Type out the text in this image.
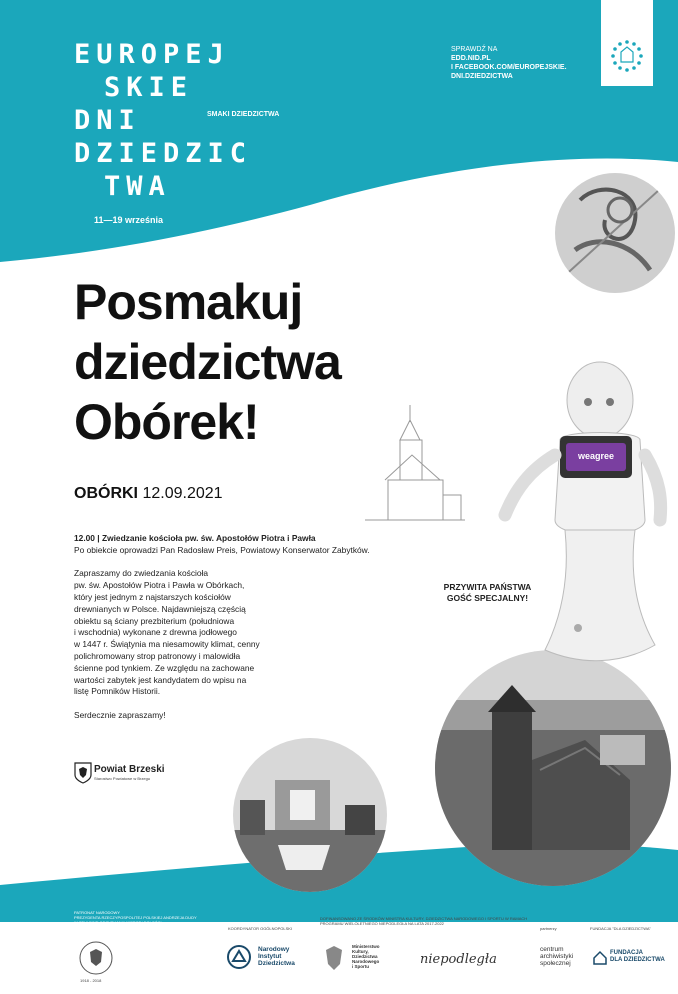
EUROPEJ
SKIE
DNI
DZIEDZIC
TWA
SMAKI DZIEDZICTWA
11—19 września
SPRAWDŹ NA
EDD.NID.PL
I FACEBOOK.COM/EUROPEJSKIE.
DNI.DZIEDZICTWA
Posmakuj
dziedzictwa
Obórek!
OBÓRKI 12.09.2021

12.00 | Zwiedzanie kościoła pw. św. Apostołów Piotra i Pawła

Po obiekcie oprowadzi Pan Radosław Preis, Powiatowy Konserwator Zabytków.

Zapraszamy do zwiedzania kościoła

pw. św. Apostołów Piotra i Pawła w Obórkach,

który jest jednym z najstarszych kościołów

drewnianych w Polsce. Najdawniejszą częścią

obiektu są ściany prezbiterium (południowa

i wschodnia) wykonane z drewna jodłowego

w 1447 r. Świątynia ma niesamowity klimat, cenny

polichromowany strop patronowy i malowidła

ścienne pod tynkiem. Ze względu na zachowane

wartości zabytek jest kandydatem do wpisu na

listę Pomników Historii.

Serdecznie zapraszamy!

weagree
PRZYWITA PAŃSTWA
GOŚĆ SPECJALNY!
Powiat Brzeski
Starostwo Powiatowe w Brzegu
PATRONAT NARODOWY
PREZYDENTA RZECZYPOSPOLITEJ POLSKIEJ ANDRZEJA DUDY
W STULECIE ODZYSKANIA NIEPODLEGŁOŚCI
KOORDYNATOR OGÓLNOPOLSKI
DOFINANSOWANO ZE ŚRODKÓW MINISTRA KULTURY, DZIEDZICTWA NARODOWEGO I SPORTU W RAMACH PROGRAMU WIELOLETNIEGO NIEPODLEGŁA NA LATA 2017-2022
partnerzy	FUNDACJA "DLA DZIEDZICTWA"
1918 - 2018
Narodowy
Instytut
Dziedzictwa
Ministerstwo
Kultury,
Dziedzictwa
Narodowego
i Sportu	niepodległa
centrum
archiwistyki
społecznej
FUNDACJA
DLA DZIEDZICTWA
